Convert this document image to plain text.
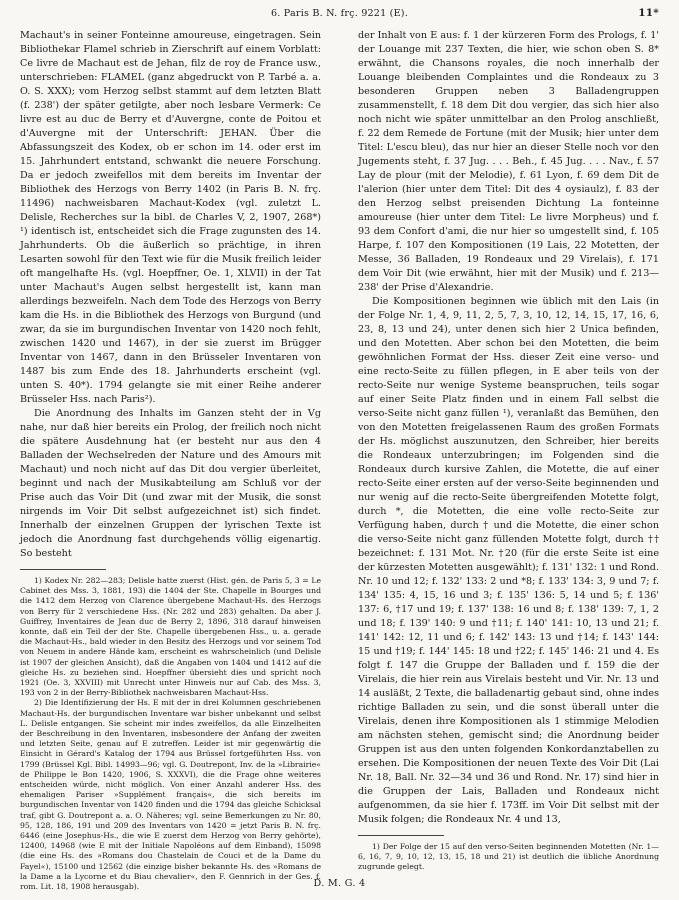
6. Paris B. N. frç. 9221 (E).	11*

Machaut's in seiner Fonteinne amoureuse, eingetragen. Sein Bibliothekar Flamel schrieb in Zierschrift auf einem Vorblatt: Ce livre de Machaut est de Jehan, filz de roy de France usw., unterschrieben: FLAMEL (ganz abgedruckt von P. Tarbé a. a. O. S. XXX); vom Herzog selbst stammt auf dem letzten Blatt (f. 238') der später getilgte, aber noch lesbare Vermerk: Ce livre est au duc de Berry et d'Auvergne, conte de Poitou et d'Auvergne mit der Unterschrift: JEHAN. Über die Abfassungszeit des Kodex, ob er schon im 14. oder erst im 15. Jahrhundert entstand, schwankt die neuere Forschung. Da er jedoch zweifellos mit dem bereits im Inventar der Bibliothek des Herzogs von Berry 1402 (in Paris B. N. frç. 11496) nachweisbaren Machaut-Kodex (vgl. zuletzt L. Delisle, Recherches sur la bibl. de Charles V, 2, 1907, 268*) ¹) identisch ist, entscheidet sich die Frage zugunsten des 14. Jahrhunderts. Ob die äußerlich so prächtige, in ihren Lesarten sowohl für den Text wie für die Musik freilich leider oft mangelhafte Hs. (vgl. Hoepffner, Oe. 1, XLVII) in der Tat unter Machaut's Augen selbst hergestellt ist, kann man allerdings bezweifeln. Nach dem Tode des Herzogs von Berry kam die Hs. in die Bibliothek des Herzogs von Burgund (und zwar, da sie im burgundischen Inventar von 1420 noch fehlt, zwischen 1420 und 1467), in der sie zuerst im Brügger Inventar von 1467, dann in den Brüsseler Inventaren von 1487 bis zum Ende des 18. Jahrhunderts erscheint (vgl. unten S. 40*). 1794 gelangte sie mit einer Reihe anderer Brüsseler Hss. nach Paris²).

Die Anordnung des Inhalts im Ganzen steht der in Vg nahe, nur daß hier bereits ein Prolog, der freilich noch nicht die spätere Ausdehnung hat (er besteht nur aus den 4 Balladen der Wechselreden der Nature und des Amours mit Machaut) und noch nicht auf das Dit dou vergier überleitet, beginnt und nach der Musikabteilung am Schluß vor der Prise auch das Voir Dit (und zwar mit der Musik, die sonst nirgends im Voir Dit selbst aufgezeichnet ist) sich findet. Innerhalb der einzelnen Gruppen der lyrischen Texte ist jedoch die Anordnung fast durchgehends völlig eigenartig. So besteht

1) Kodex Nr. 282—283; Delisle hatte zuerst (Hist. gén. de Paris 5, 3 = Le Cabinet des Mss. 3, 1881, 193) die 1404 der Ste. Chapelle in Bourges und die 1412 dem Herzog von Clarence übergebene Machaut-Hs. des Herzogs von Berry für 2 verschiedene Hss. (Nr. 282 und 283) gehalten. Da aber J. Guiffrey, Inventaires de Jean duc de Berry 2, 1896, 318 darauf hinweisen konnte, daß ein Teil der der Ste. Chapelle übergebenen Hss., u. a. gerade die Machaut-Hs., bald wieder in den Besitz des Herzogs und vor seinem Tod von Neuem in andere Hände kam, erscheint es wahrscheinlich (und Delisle ist 1907 der gleichen Ansicht), daß die Angaben von 1404 und 1412 auf die gleiche Hs. zu beziehen sind. Hoepffner übersieht dies und spricht noch 1921 (Oe. 3, XXVIII) mit Unrecht unter Hinweis nur auf Cab. des Mss. 3, 193 von 2 in der Berry-Bibliothek nachweisbaren Machaut-Hss.

2) Die Identifizierung der Hs. E mit der in drei Kolumnen geschriebenen Machaut-Hs. der burgundischen Inventare war bisher unbekannt und selbst L. Delisle entgangen. Sie scheint mir indes zweifellos, da alle Einzelheiten der Beschreibung in den Inventaren, insbesondere der Anfang der zweiten und letzten Seite, genau auf E zutreffen. Leider ist mir gegenwärtig die Einsicht in Gérard's Katalog der 1794 aus Brüssel fortgeführten Hss. von 1799 (Brüssel Kgl. Bibl. 14993—96; vgl. G. Doutrepont, Inv. de la »Librairie« de Philippe le Bon 1420, 1906, S. XXXVI), die die Frage ohne weiteres entscheiden würde, nicht möglich. Von einer Anzahl anderer Hss. des ehemaligen Pariser »Supplément français«, die sich bereits im burgundischen Inventar von 1420 finden und die 1794 das gleiche Schicksal traf, gibt G. Doutrepont a. a. O. Näheres; vgl. seine Bemerkungen zu Nr. 80, 95, 128, 186, 191 und 209 des Inventars von 1420 = jetzt Paris B. N. frç. 6446 (eine Josephus-Hs., die wie E zuerst dem Herzog von Berry gehörte), 12400, 14968 (wie E mit der Initiale Napoléons auf dem Einband), 15098 (die eine Hs. des »Romans dou Chastelain de Couci et de la Dame du Fayel«), 15100 und 12562 (die einzige bisher bekannte Hs. des »Romans de la Dame a la Lycorne et du Biau chevalier«, den F. Gennrich in der Ges. f. rom. Lit. 18, 1908 herausgab).

der Inhalt von E aus: f. 1 der kürzeren Form des Prologs, f. 1' der Louange mit 237 Texten, die hier, wie schon oben S. 8* erwähnt, die Chansons royales, die noch innerhalb der Louange bleibenden Complaintes und die Rondeaux zu 3 besonderen Gruppen neben 3 Balladengruppen zusammenstellt, f. 18 dem Dit dou vergier, das sich hier also noch nicht wie später unmittelbar an den Prolog anschließt, f. 22 dem Remede de Fortune (mit der Musik; hier unter dem Titel: L'escu bleu), das nur hier an dieser Stelle noch vor den Jugements steht, f. 37 Jug. . . . Beh., f. 45 Jug. . . . Nav., f. 57 Lay de plour (mit der Melodie), f. 61 Lyon, f. 69 dem Dit de l'alerion (hier unter dem Titel: Dit des 4 oysiaulz), f. 83 der den Herzog selbst preisenden Dichtung La fonteinne amoureuse (hier unter dem Titel: Le livre Morpheus) und f. 93 dem Confort d'ami, die nur hier so umgestellt sind, f. 105 Harpe, f. 107 den Kompositionen (19 Lais, 22 Motetten, der Messe, 36 Balladen, 19 Rondeaux und 29 Virelais), f. 171 dem Voir Dit (wie erwähnt, hier mit der Musik) und f. 213—238' der Prise d'Alexandrie.

Die Kompositionen beginnen wie üblich mit den Lais (in der Folge Nr. 1, 4, 9, 11, 2, 5, 7, 3, 10, 12, 14, 15, 17, 16, 6, 23, 8, 13 und 24), unter denen sich hier 2 Unica befinden, und den Motetten. Aber schon bei den Motetten, die beim gewöhnlichen Format der Hss. dieser Zeit eine verso- und eine recto-Seite zu füllen pflegen, in E aber teils von der recto-Seite nur wenige Systeme beanspruchen, teils sogar auf einer Seite Platz finden und in einem Fall selbst die verso-Seite nicht ganz füllen ¹), veranlaßt das Bemühen, den von den Motetten freigelassenen Raum des großen Formats der Hs. möglichst auszunutzen, den Schreiber, hier bereits die Rondeaux unterzubringen; im Folgenden sind die Rondeaux durch kursive Zahlen, die Motette, die auf einer recto-Seite einer ersten auf der verso-Seite beginnenden und nur wenig auf die recto-Seite übergreifenden Motette folgt, durch *, die Motetten, die eine volle recto-Seite zur Verfügung haben, durch † und die Motette, die einer schon die verso-Seite nicht ganz füllenden Motette folgt, durch †† bezeichnet: f. 131 Mot. Nr. †20 (für die erste Seite ist eine der kürzesten Motetten ausgewählt); f. 131' 132: 1 und Rond. Nr. 10 und 12; f. 132' 133: 2 und *8; f. 133' 134: 3, 9 und 7; f. 134' 135: 4, 15, 16 und 3; f. 135' 136: 5, 14 und 5; f. 136' 137: 6, †17 und 19; f. 137' 138: 16 und 8; f. 138' 139: 7, 1, 2 und 18; f. 139' 140: 9 und †11; f. 140' 141: 10, 13 und 21; f. 141' 142: 12, 11 und 6; f. 142' 143: 13 und †14; f. 143' 144: 15 und †19; f. 144' 145: 18 und †22; f. 145' 146: 21 und 4. Es folgt f. 147 die Gruppe der Balladen und f. 159 die der Virelais, die hier rein aus Virelais besteht und Vir. Nr. 13 und 14 ausläßt, 2 Texte, die balladenartig gebaut sind, ohne indes richtige Balladen zu sein, und die sonst überall unter die Virelais, denen ihre Kompositionen als 1 stimmige Melodien am nächsten stehen, gemischt sind; die Anordnung beider Gruppen ist aus den unten folgenden Konkordanztabellen zu ersehen. Die Kompositionen der neuen Texte des Voir Dit (Lai Nr. 18, Ball. Nr. 32—34 und 36 und Rond. Nr. 17) sind hier in die Gruppen der Lais, Balladen und Rondeaux nicht aufgenommen, da sie hier f. 173ff. im Voir Dit selbst mit der Musik folgen; die Rondeaux Nr. 4 und 13,

1) Der Folge der 15 auf den verso-Seiten beginnenden Motetten (Nr. 1—6, 16, 7, 9, 10, 12, 13, 15, 18 und 21) ist deutlich die übliche Anordnung zugrunde gelegt.

D. M. G. 4
